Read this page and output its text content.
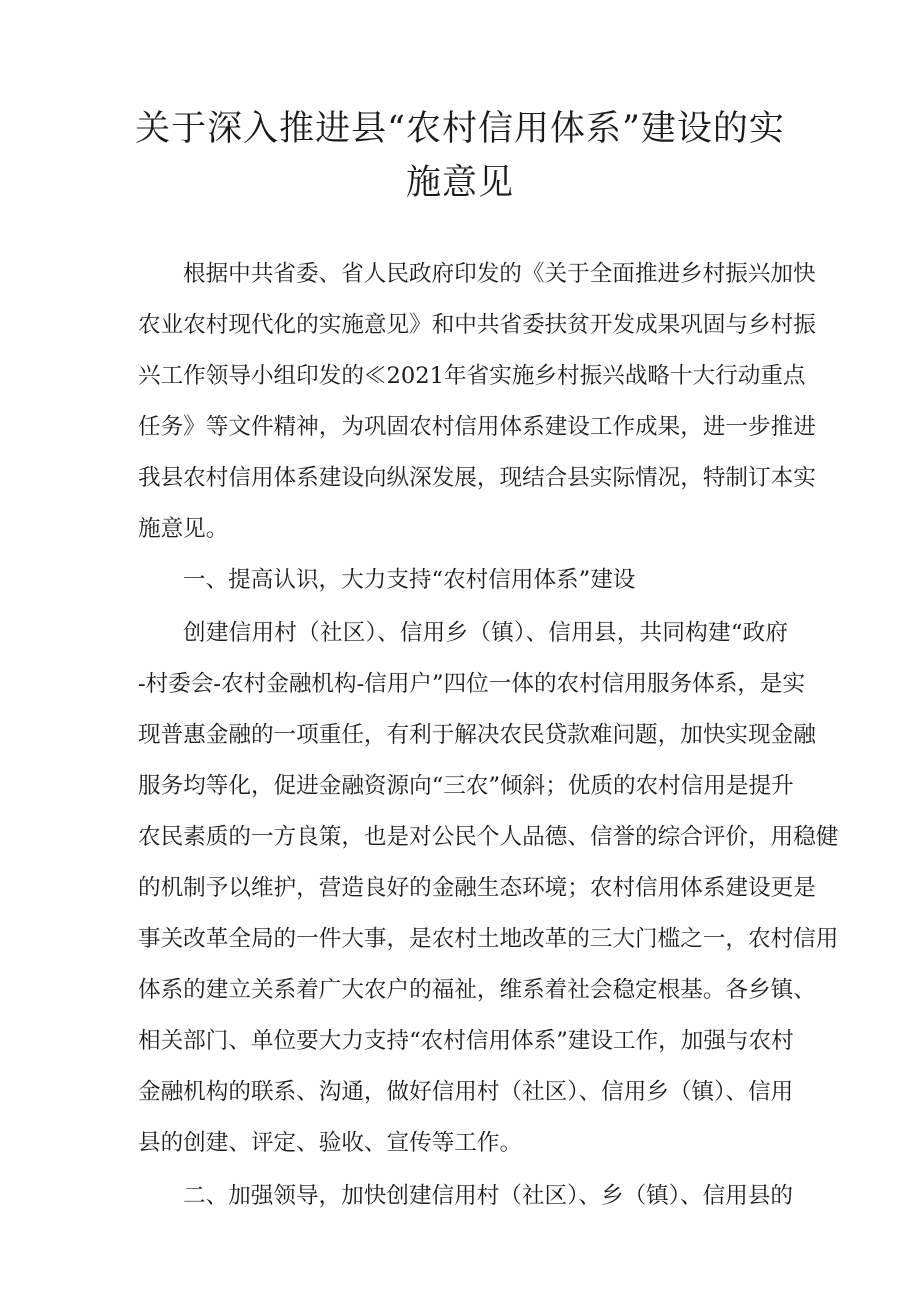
关于深入推进县“农村信用体系”建设的实
施意见
根据中共省委、省人民政府印发的《关于全面推进乡村振兴加快
农业农村现代化的实施意见》和中共省委扶贫开发成果巩固与乡村振
兴工作领导小组印发的≪2021年省实施乡村振兴战略十大行动重点
任务》等文件精神，为巩固农村信用体系建设工作成果，进一步推进
我县农村信用体系建设向纵深发展，现结合县实际情况，特制订本实
施意见。
一、提高认识，大力支持“农村信用体系”建设
创建信用村（社区）、信用乡（镇）、信用县，共同构建“政府
-村委会-农村金融机构-信用户”四位一体的农村信用服务体系，是实
现普惠金融的一项重任，有利于解决农民贷款难问题，加快实现金融
服务均等化，促进金融资源向“三农”倾斜；优质的农村信用是提升
农民素质的一方良策，也是对公民个人品德、信誉的综合评价，用稳健
的机制予以维护，营造良好的金融生态环境；农村信用体系建设更是
事关改革全局的一件大事，是农村土地改革的三大门槛之一，农村信用
体系的建立关系着广大农户的福祉，维系着社会稳定根基。各乡镇、
相关部门、单位要大力支持“农村信用体系”建设工作，加强与农村
金融机构的联系、沟通，做好信用村（社区）、信用乡（镇）、信用
县的创建、评定、验收、宣传等工作。
二、加强领导，加快创建信用村（社区）、乡（镇）、信用县的
